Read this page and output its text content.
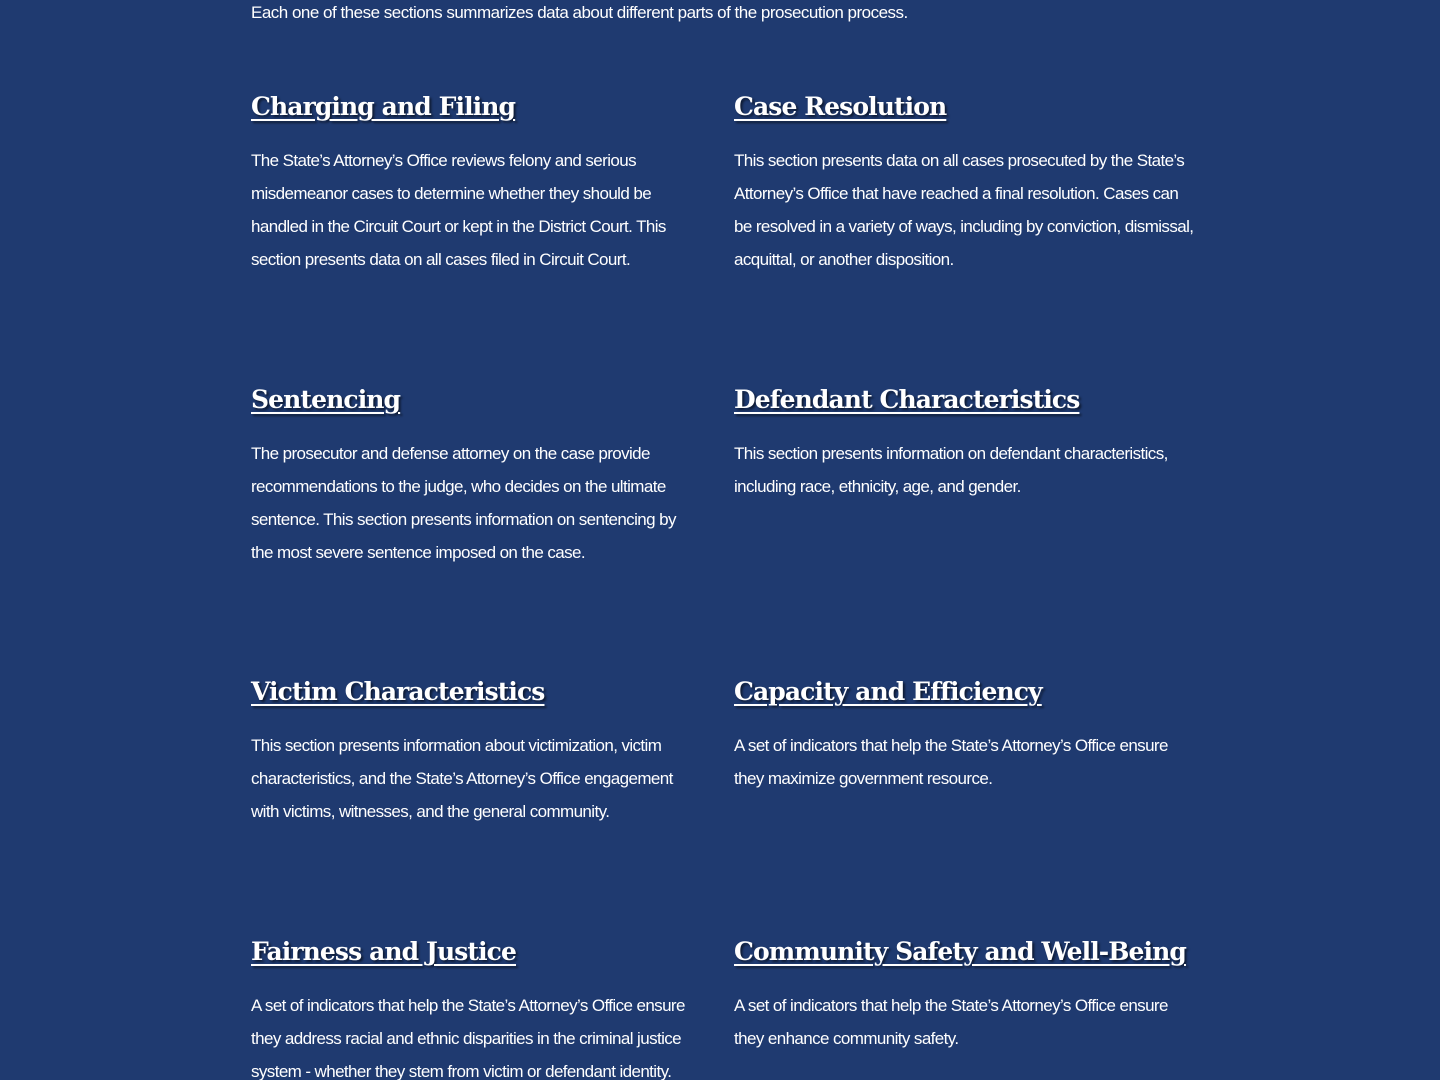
Each one of these sections summarizes data about different parts of the prosecution process.

Charging and Filing

The State’s Attorney’s Office reviews felony and serious misdemeanor cases to determine whether they should be handled in the Circuit Court or kept in the District Court. This section presents data on all cases filed in Circuit Court.

Case Resolution

This section presents data on all cases prosecuted by the State’s Attorney’s Office that have reached a final resolution. Cases can be resolved in a variety of ways, including by conviction, dismissal, acquittal, or another disposition.

Sentencing

The prosecutor and defense attorney on the case provide recommendations to the judge, who decides on the ultimate sentence. This section presents information on sentencing by the most severe sentence imposed on the case.

Defendant Characteristics

This section presents information on defendant characteristics, including race, ethnicity, age, and gender.

Victim Characteristics

This section presents information about victimization, victim characteristics, and the State’s Attorney’s Office engagement with victims, witnesses, and the general community.

Capacity and Efficiency

A set of indicators that help the State’s Attorney’s Office ensure they maximize government resource.

Fairness and Justice

A set of indicators that help the State’s Attorney’s Office ensure they address racial and ethnic disparities in the criminal justice system - whether they stem from victim or defendant identity.

Community Safety and Well-Being

A set of indicators that help the State’s Attorney’s Office ensure they enhance community safety.
